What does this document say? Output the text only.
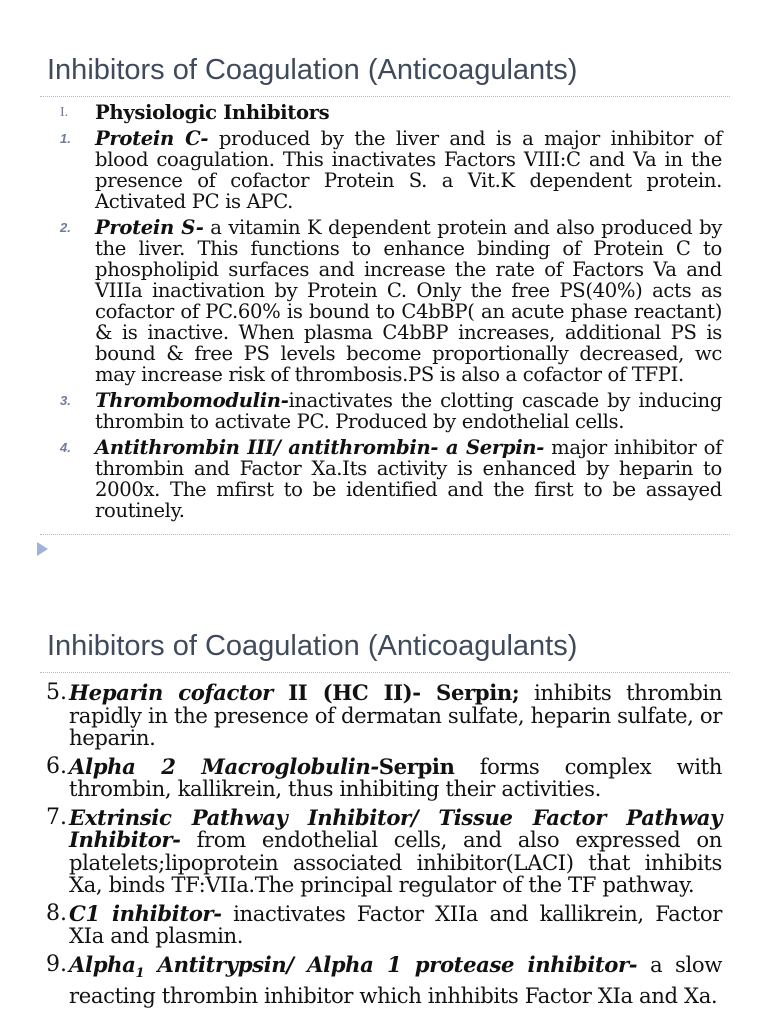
Inhibitors of Coagulation (Anticoagulants)
I.	Physiologic Inhibitors
1.	Protein C- produced by the liver and is a major inhibitor of blood coagulation. This inactivates Factors VIII:C and Va in the presence of cofactor Protein S. a Vit.K dependent protein. Activated PC is APC.
2.	Protein S- a vitamin K dependent protein and also produced by the liver. This functions to enhance binding of Protein C to phospholipid surfaces and increase the rate of Factors Va and VIIIa inactivation by Protein C. Only the free PS(40%) acts as cofactor of PC.60% is bound to C4bBP( an acute phase reactant) & is inactive. When plasma C4bBP increases, additional PS is bound & free PS levels become proportionally decreased, wc may increase risk of thrombosis.PS is also a cofactor of TFPI.
3.	Thrombomodulin-inactivates the clotting cascade by inducing thrombin to activate PC. Produced by endothelial cells.
4.	Antithrombin III/ antithrombin- a Serpin- major inhibitor of thrombin and Factor Xa.Its activity is enhanced by heparin to 2000x. The mfirst to be identified and the first to be assayed routinely.
Inhibitors of Coagulation (Anticoagulants)
5. Heparin cofactor II (HC II)- Serpin; inhibits thrombin rapidly in the presence of dermatan sulfate, heparin sulfate, or heparin.
6. Alpha 2 Macroglobulin-Serpin forms complex with thrombin, kallikrein, thus inhibiting their activities.
7. Extrinsic Pathway Inhibitor/ Tissue Factor Pathway Inhibitor- from endothelial cells, and also expressed on platelets;lipoprotein associated inhibitor(LACI) that inhibits Xa, binds TF:VIIa.The principal regulator of the TF pathway.
8. C1 inhibitor- inactivates Factor XIIa and kallikrein, Factor XIa and plasmin.
9. Alpha$_1$ Antitrypsin/ Alpha 1 protease inhibitor- a slow reacting thrombin inhibitor which inhhibits Factor XIa and Xa.
